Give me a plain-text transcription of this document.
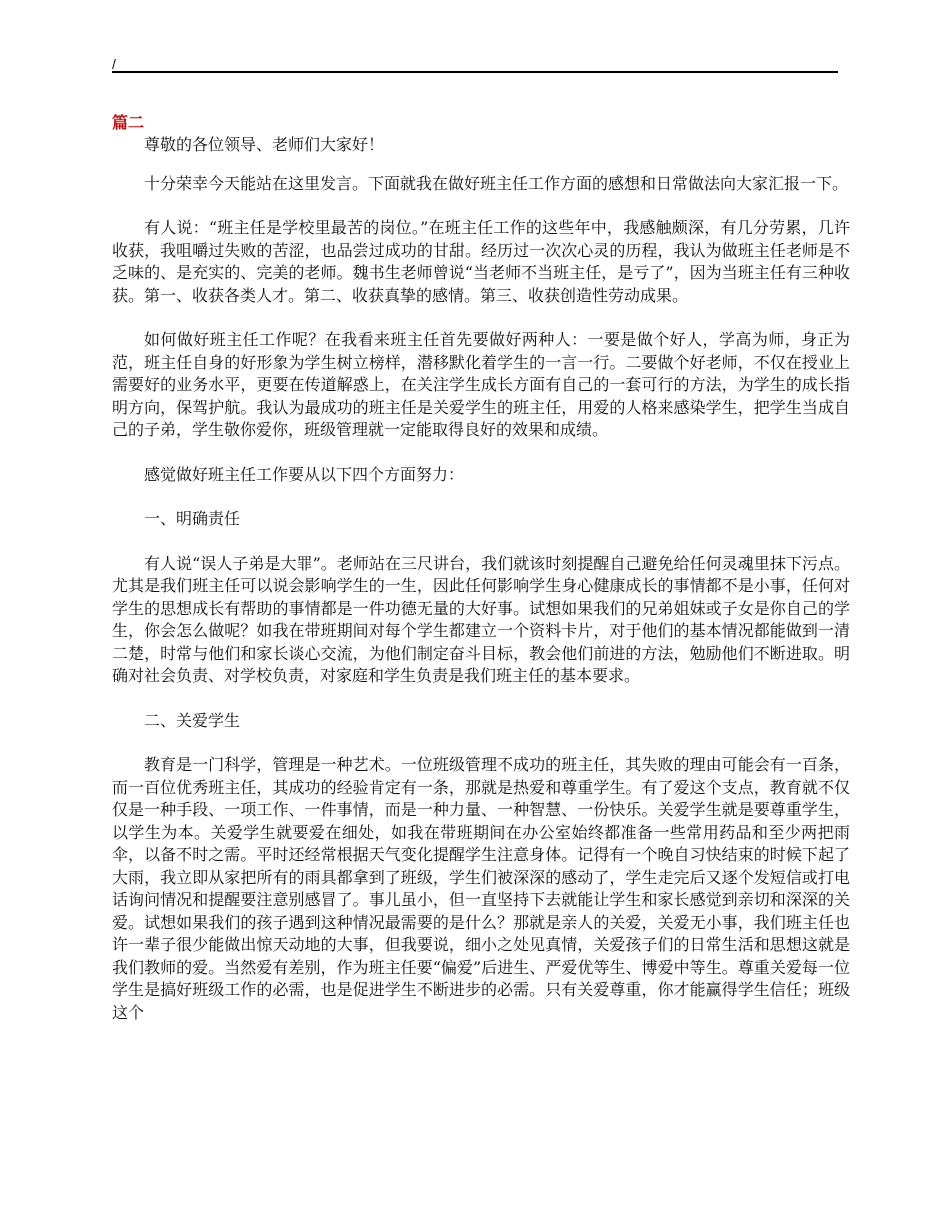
/

篇二

尊敬的各位领导、老师们大家好！

十分荣幸今天能站在这里发言。下面就我在做好班主任工作方面的感想和日常做法向大家汇报一下。

有人说：“班主任是学校里最苦的岗位。”在班主任工作的这些年中，我感触颇深，有几分劳累，几许收获，我咀嚼过失败的苦涩，也品尝过成功的甘甜。经历过一次次心灵的历程，我认为做班主任老师是不乏味的、是充实的、完美的老师。魏书生老师曾说“当老师不当班主任，是亏了”，因为当班主任有三种收获。第一、收获各类人才。第二、收获真挚的感情。第三、收获创造性劳动成果。

如何做好班主任工作呢？在我看来班主任首先要做好两种人：一要是做个好人，学高为师，身正为范，班主任自身的好形象为学生树立榜样，潜移默化着学生的一言一行。二要做个好老师，不仅在授业上需要好的业务水平，更要在传道解惑上，在关注学生成长方面有自己的一套可行的方法，为学生的成长指明方向，保驾护航。我认为最成功的班主任是关爱学生的班主任，用爱的人格来感染学生，把学生当成自己的子弟，学生敬你爱你，班级管理就一定能取得良好的效果和成绩。

感觉做好班主任工作要从以下四个方面努力：

一、明确责任

有人说“误人子弟是大罪”。老师站在三尺讲台，我们就该时刻提醒自己避免给任何灵魂里抹下污点。尤其是我们班主任可以说会影响学生的一生，因此任何影响学生身心健康成长的事情都不是小事，任何对学生的思想成长有帮助的事情都是一件功德无量的大好事。试想如果我们的兄弟姐妹或子女是你自己的学生，你会怎么做呢？如我在带班期间对每个学生都建立一个资料卡片，对于他们的基本情况都能做到一清二楚，时常与他们和家长谈心交流，为他们制定奋斗目标，教会他们前进的方法，勉励他们不断进取。明确对社会负责、对学校负责，对家庭和学生负责是我们班主任的基本要求。

二、关爱学生

教育是一门科学，管理是一种艺术。一位班级管理不成功的班主任，其失败的理由可能会有一百条，而一百位优秀班主任，其成功的经验肯定有一条，那就是热爱和尊重学生。有了爱这个支点，教育就不仅仅是一种手段、一项工作、一件事情，而是一种力量、一种智慧、一份快乐。关爱学生就是要尊重学生，以学生为本。关爱学生就要爱在细处，如我在带班期间在办公室始终都准备一些常用药品和至少两把雨伞，以备不时之需。平时还经常根据天气变化提醒学生注意身体。记得有一个晚自习快结束的时候下起了大雨，我立即从家把所有的雨具都拿到了班级，学生们被深深的感动了，学生走完后又逐个发短信或打电话询问情况和提醒要注意别感冒了。事儿虽小，但一直坚持下去就能让学生和家长感觉到亲切和深深的关爱。试想如果我们的孩子遇到这种情况最需要的是什么？那就是亲人的关爱，关爱无小事，我们班主任也许一辈子很少能做出惊天动地的大事，但我要说，细小之处见真情，关爱孩子们的日常生活和思想这就是我们教师的爱。当然爱有差别，作为班主任要“偏爱”后进生、严爱优等生、博爱中等生。尊重关爱每一位学生是搞好班级工作的必需，也是促进学生不断进步的必需。只有关爱尊重，你才能赢得学生信任；班级这个
